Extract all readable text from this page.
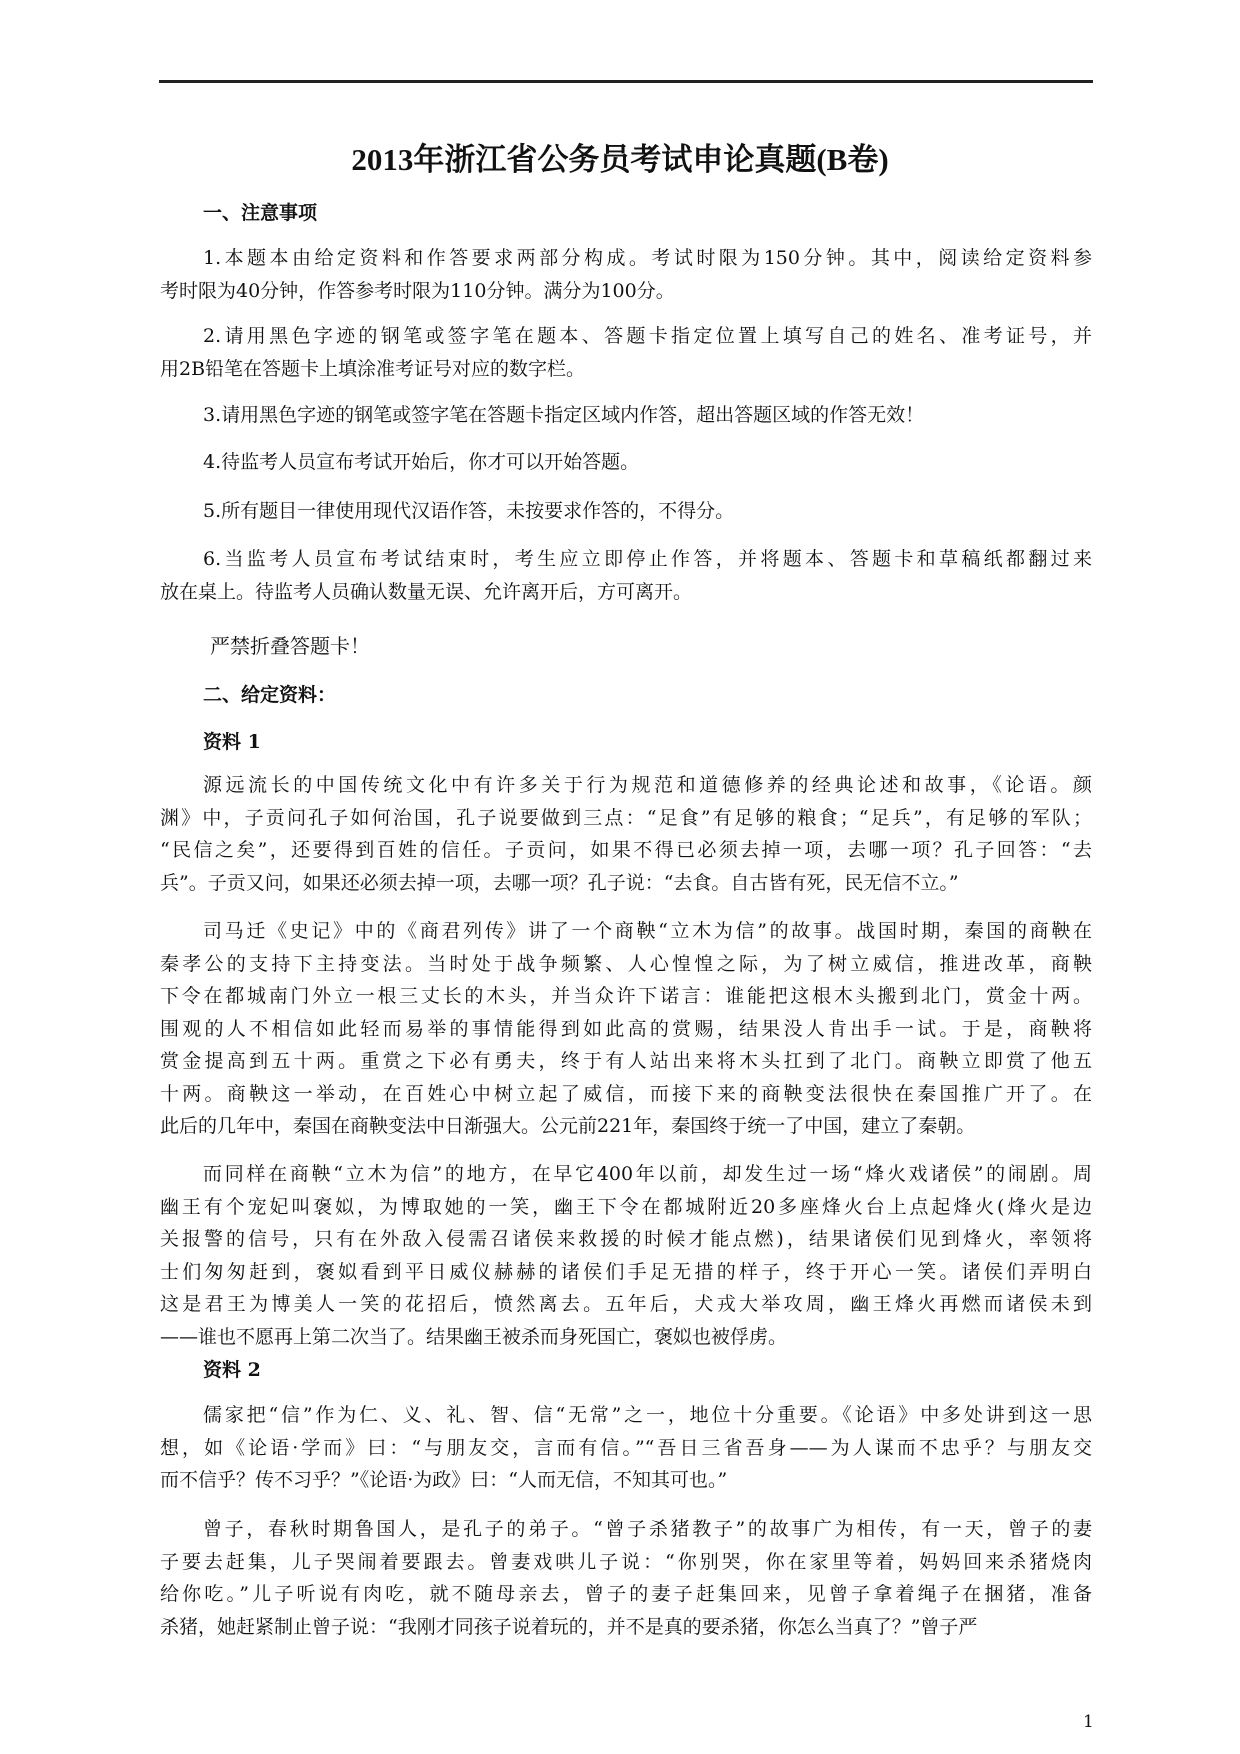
2013年浙江省公务员考试申论真题(B卷)
一、注意事项
1.本题本由给定资料和作答要求两部分构成。考试时限为150分钟。其中，阅读给定资料参
考时限为40分钟，作答参考时限为110分钟。满分为100分。
2.请用黑色字迹的钢笔或签字笔在题本、答题卡指定位置上填写自己的姓名、准考证号，并
用2B铅笔在答题卡上填涂准考证号对应的数字栏。
3.请用黑色字迹的钢笔或签字笔在答题卡指定区域内作答，超出答题区域的作答无效！
4.待监考人员宣布考试开始后，你才可以开始答题。
5.所有题目一律使用现代汉语作答，未按要求作答的，不得分。
6.当监考人员宣布考试结束时，考生应立即停止作答，并将题本、答题卡和草稿纸都翻过来
放在桌上。待监考人员确认数量无误、允许离开后，方可离开。
严禁折叠答题卡！
二、给定资料：
资料 1
资料 2
源远流长的中国传统文化中有许多关于行为规范和道德修养的经典论述和故事，《论语。颜
渊》中，子贡问孔子如何治国，孔子说要做到三点：“足食”有足够的粮食；“足兵”，有足够的军队；
“民信之矣”，还要得到百姓的信任。子贡问，如果不得已必须去掉一项，去哪一项？孔子回答：“去
兵”。子贡又问，如果还必须去掉一项，去哪一项？孔子说：“去食。自古皆有死，民无信不立。”
司马迁《史记》中的《商君列传》讲了一个商鞅“立木为信”的故事。战国时期，秦国的商鞅在
秦孝公的支持下主持变法。当时处于战争频繁、人心惶惶之际，为了树立威信，推进改革，商鞅
下令在都城南门外立一根三丈长的木头，并当众许下诺言：谁能把这根木头搬到北门，赏金十两。
围观的人不相信如此轻而易举的事情能得到如此高的赏赐，结果没人肯出手一试。于是，商鞅将
赏金提高到五十两。重赏之下必有勇夫，终于有人站出来将木头扛到了北门。商鞅立即赏了他五
十两。商鞅这一举动，在百姓心中树立起了威信，而接下来的商鞅变法很快在秦国推广开了。在
此后的几年中，秦国在商鞅变法中日渐强大。公元前221年，秦国终于统一了中国，建立了秦朝。
而同样在商鞅“立木为信”的地方，在早它400年以前，却发生过一场“烽火戏诸侯”的闹剧。周
幽王有个宠妃叫褒姒，为博取她的一笑，幽王下令在都城附近20多座烽火台上点起烽火(烽火是边
关报警的信号，只有在外敌入侵需召诸侯来救援的时候才能点燃)，结果诸侯们见到烽火，率领将
士们匆匆赶到，褒姒看到平日威仪赫赫的诸侯们手足无措的样子，终于开心一笑。诸侯们弄明白
这是君王为博美人一笑的花招后，愤然离去。五年后，犬戎大举攻周，幽王烽火再燃而诸侯未到
——谁也不愿再上第二次当了。结果幽王被杀而身死国亡，褒姒也被俘虏。
儒家把“信”作为仁、义、礼、智、信“无常”之一，地位十分重要。《论语》中多处讲到这一思
想，如《论语·学而》曰：“与朋友交，言而有信。”“吾日三省吾身——为人谋而不忠乎？与朋友交
而不信乎？传不习乎？”《论语·为政》曰：“人而无信，不知其可也。”
曾子，春秋时期鲁国人，是孔子的弟子。“曾子杀猪教子”的故事广为相传，有一天，曾子的妻
子要去赶集，儿子哭闹着要跟去。曾妻戏哄儿子说：“你别哭，你在家里等着，妈妈回来杀猪烧肉
给你吃。”儿子听说有肉吃，就不随母亲去，曾子的妻子赶集回来，见曾子拿着绳子在捆猪，准备
杀猪，她赶紧制止曾子说：“我刚才同孩子说着玩的，并不是真的要杀猪，你怎么当真了？”曾子严
1
